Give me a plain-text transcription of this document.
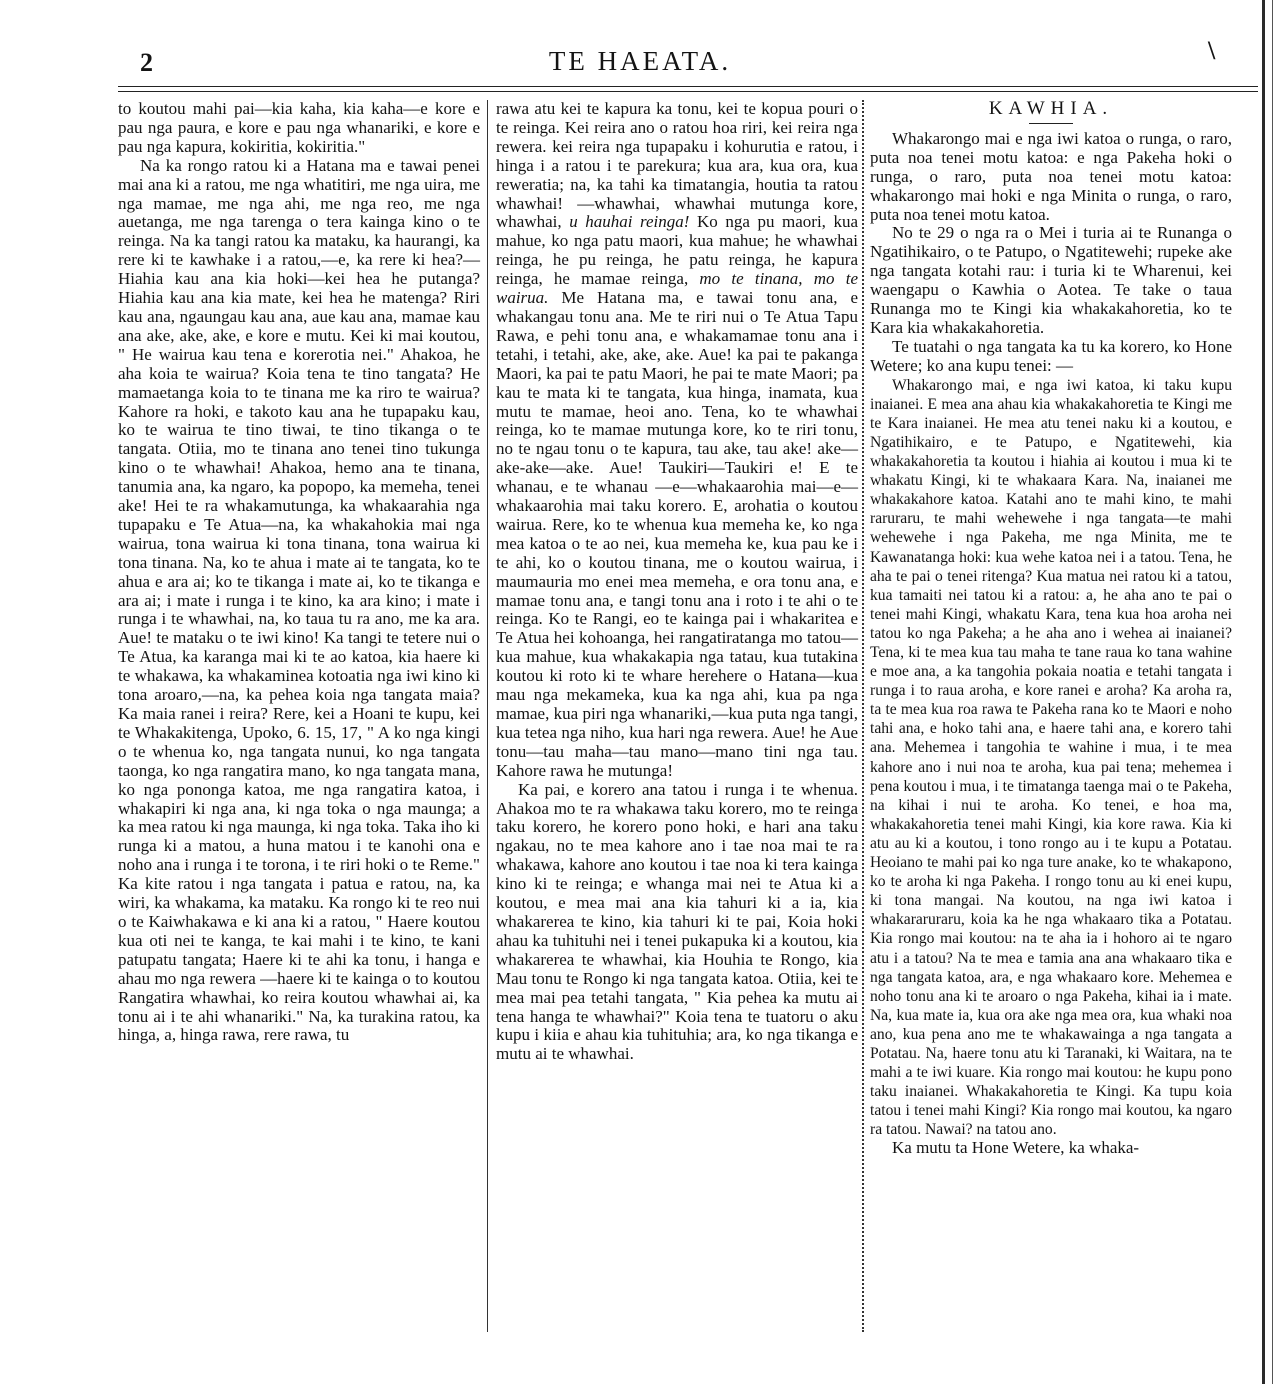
2	TE HAEATA.	\

to koutou mahi pai—kia kaha, kia kaha—e kore e pau nga paura, e kore e pau nga whanariki, e kore e pau nga kapura, kokiritia, kokiritia."

Na ka rongo ratou ki a Hatana ma e tawai penei mai ana ki a ratou, me nga whatitiri, me nga uira, me nga mamae, me nga ahi, me nga reo, me nga auetanga, me nga tarenga o tera kainga kino o te reinga. Na ka tangi ratou ka mataku, ka haurangi, ka rere ki te kawhake i a ratou,—e, ka rere ki hea?—Hiahia kau ana kia hoki—kei hea he putanga? Hiahia kau ana kia mate, kei hea he matenga? Riri kau ana, ngaungau kau ana, aue kau ana, mamae kau ana ake, ake, ake, e kore e mutu. Kei ki mai koutou, " He wairua kau tena e korerotia nei." Ahakoa, he aha koia te wairua? Koia tena te tino tangata? He mamaetanga koia to te tinana me ka riro te wairua? Kahore ra hoki, e takoto kau ana he tupapaku kau, ko te wairua te tino tiwai, te tino tikanga o te tangata. Otiia, mo te tinana ano tenei tino tukunga kino o te whawhai! Ahakoa, hemo ana te tinana, tanumia ana, ka ngaro, ka popopo, ka memeha, tenei ake! Hei te ra whakamutunga, ka whakaarahia nga tupapaku e Te Atua—na, ka whakahokia mai nga wairua, tona wairua ki tona tinana, tona wairua ki tona tinana. Na, ko te ahua i mate ai te tangata, ko te ahua e ara ai; ko te tikanga i mate ai, ko te tikanga e ara ai; i mate i runga i te kino, ka ara kino; i mate i runga i te whawhai, na, ko taua tu ra ano, me ka ara. Aue! te mataku o te iwi kino! Ka tangi te tetere nui o Te Atua, ka karanga mai ki te ao katoa, kia haere ki te whakawa, ka whakaminea kotoatia nga iwi kino ki tona aroaro,—na, ka pehea koia nga tangata maia? Ka maia ranei i reira? Rere, kei a Hoani te kupu, kei te Whakakitenga, Upoko, 6. 15, 17, " A ko nga kingi o te whenua ko, nga tangata nunui, ko nga tangata taonga, ko nga rangatira mano, ko nga tangata mana, ko nga pononga katoa, me nga rangatira katoa, i whakapiri ki nga ana, ki nga toka o nga maunga; a ka mea ratou ki nga maunga, ki nga toka. Taka iho ki runga ki a matou, a huna matou i te kanohi ona e noho ana i runga i te torona, i te riri hoki o te Reme." Ka kite ratou i nga tangata i patua e ratou, na, ka wiri, ka whakama, ka mataku. Ka rongo ki te reo nui o te Kaiwhakawa e ki ana ki a ratou, " Haere koutou kua oti nei te kanga, te kai mahi i te kino, te kani patupatu tangata; Haere ki te ahi ka tonu, i hanga e ahau mo nga rewera —haere ki te kainga o to koutou Rangatira whawhai, ko reira koutou whawhai ai, ka tonu ai i te ahi whanariki." Na, ka turakina ratou, ka hinga, a, hinga rawa, rere rawa, tu

rawa atu kei te kapura ka tonu, kei te kopua pouri o te reinga. Kei reira ano o ratou hoa riri, kei reira nga rewera. kei reira nga tupapaku i kohurutia e ratou, i hinga i a ratou i te parekura; kua ara, kua ora, kua reweratia; na, ka tahi ka timatangia, houtia ta ratou whawhai! —whawhai, whawhai mutunga kore, whawhai, u hauhai reinga! Ko nga pu maori, kua mahue, ko nga patu maori, kua mahue; he whawhai reinga, he pu reinga, he patu reinga, he kapura reinga, he mamae reinga, mo te tinana, mo te wairua. Me Hatana ma, e tawai tonu ana, e whakangau tonu ana. Me te riri nui o Te Atua Tapu Rawa, e pehi tonu ana, e whakamamae tonu ana i tetahi, i tetahi, ake, ake, ake. Aue! ka pai te pakanga Maori, ka pai te patu Maori, he pai te mate Maori; pa kau te mata ki te tangata, kua hinga, inamata, kua mutu te mamae, heoi ano. Tena, ko te whawhai reinga, ko te mamae mutunga kore, ko te riri tonu, no te ngau tonu o te kapura, tau ake, tau ake! ake—ake-ake—ake. Aue! Taukiri—Taukiri e! E te whanau, e te whanau —e—whakaarohia mai—e—whakaarohia mai taku korero. E, arohatia o koutou wairua. Rere, ko te whenua kua memeha ke, ko nga mea katoa o te ao nei, kua memeha ke, kua pau ke i te ahi, ko o koutou tinana, me o koutou wairua, i maumauria mo enei mea memeha, e ora tonu ana, e mamae tonu ana, e tangi tonu ana i roto i te ahi o te reinga. Ko te Rangi, eo te kainga pai i whakaritea e Te Atua hei kohoanga, hei rangatiratanga mo tatou—kua mahue, kua whakakapia nga tatau, kua tutakina koutou ki roto ki te whare herehere o Hatana—kua mau nga mekameka, kua ka nga ahi, kua pa nga mamae, kua piri nga whanariki,—kua puta nga tangi, kua tetea nga niho, kua hari nga rewera. Aue! he Aue tonu—tau maha—tau mano—mano tini nga tau. Kahore rawa he mutunga!

Ka pai, e korero ana tatou i runga i te whenua. Ahakoa mo te ra whakawa taku korero, mo te reinga taku korero, he korero pono hoki, e hari ana taku ngakau, no te mea kahore ano i tae noa mai te ra whakawa, kahore ano koutou i tae noa ki tera kainga kino ki te reinga; e whanga mai nei te Atua ki a koutou, e mea mai ana kia tahuri ki a ia, kia whakarerea te kino, kia tahuri ki te pai, Koia hoki ahau ka tuhituhi nei i tenei pukapuka ki a koutou, kia whakarerea te whawhai, kia Houhia te Rongo, kia Mau tonu te Rongo ki nga tangata katoa. Otiia, kei te mea mai pea tetahi tangata, " Kia pehea ka mutu ai tena hanga te whawhai?" Koia tena te tuatoru o aku kupu i kiia e ahau kia tuhituhia; ara, ko nga tikanga e mutu ai te whawhai.

KAWHIA.

Whakarongo mai e nga iwi katoa o runga, o raro, puta noa tenei motu katoa: e nga Pakeha hoki o runga, o raro, puta noa tenei motu katoa: whakarongo mai hoki e nga Minita o runga, o raro, puta noa tenei motu katoa.

No te 29 o nga ra o Mei i turia ai te Runanga o Ngatihikairo, o te Patupo, o Ngatitewehi; rupeke ake nga tangata kotahi rau: i turia ki te Wharenui, kei waengapu o Kawhia o Aotea. Te take o taua Runanga mo te Kingi kia whakakahoretia, ko te Kara kia whakakahoretia.

Te tuatahi o nga tangata ka tu ka korero, ko Hone Wetere; ko ana kupu tenei: —

Whakarongo mai, e nga iwi katoa, ki taku kupu inaianei. E mea ana ahau kia whakakahoretia te Kingi me te Kara inaianei. He mea atu tenei naku ki a koutou, e Ngatihikairo, e te Patupo, e Ngatitewehi, kia whakakahoretia ta koutou i hiahia ai koutou i mua ki te whakatu Kingi, ki te whakaara Kara. Na, inaianei me whakakahore katoa. Katahi ano te mahi kino, te mahi raruraru, te mahi wehewehe i nga tangata—te mahi wehewehe i nga Pakeha, me nga Minita, me te Kawanatanga hoki: kua wehe katoa nei i a tatou. Tena, he aha te pai o tenei ritenga? Kua matua nei ratou ki a tatou, kua tamaiti nei tatou ki a ratou: a, he aha ano te pai o tenei mahi Kingi, whakatu Kara, tena kua hoa aroha nei tatou ko nga Pakeha; a he aha ano i wehea ai inaianei? Tena, ki te mea kua tau maha te tane raua ko tana wahine e moe ana, a ka tangohia pokaia noatia e tetahi tangata i runga i to raua aroha, e kore ranei e aroha? Ka aroha ra, ta te mea kua roa rawa te Pakeha rana ko te Maori e noho tahi ana, e hoko tahi ana, e haere tahi ana, e korero tahi ana. Mehemea i tangohia te wahine i mua, i te mea kahore ano i nui noa te aroha, kua pai tena; mehemea i pena koutou i mua, i te timatanga taenga mai o te Pakeha, na kihai i nui te aroha. Ko tenei, e hoa ma, whakakahoretia tenei mahi Kingi, kia kore rawa. Kia ki atu au ki a koutou, i tono rongo au i te kupu a Potatau. Heoiano te mahi pai ko nga ture anake, ko te whakapono, ko te aroha ki nga Pakeha. I rongo tonu au ki enei kupu, ki tona mangai. Na koutou, na nga iwi katoa i whakararuraru, koia ka he nga whakaaro tika a Potatau. Kia rongo mai koutou: na te aha ia i hohoro ai te ngaro atu i a tatou? Na te mea e tamia ana ana whakaaro tika e nga tangata katoa, ara, e nga whakaaro kore. Mehemea e noho tonu ana ki te aroaro o nga Pakeha, kihai ia i mate. Na, kua mate ia, kua ora ake nga mea ora, kua whaki noa ano, kua pena ano me te whakawainga a nga tangata a Potatau. Na, haere tonu atu ki Taranaki, ki Waitara, na te mahi a te iwi kuare. Kia rongo mai koutou: he kupu pono taku inaianei. Whakakahoretia te Kingi. Ka tupu koia tatou i tenei mahi Kingi? Kia rongo mai koutou, ka ngaro ra tatou. Nawai? na tatou ano.

Ka mutu ta Hone Wetere, ka whaka-
